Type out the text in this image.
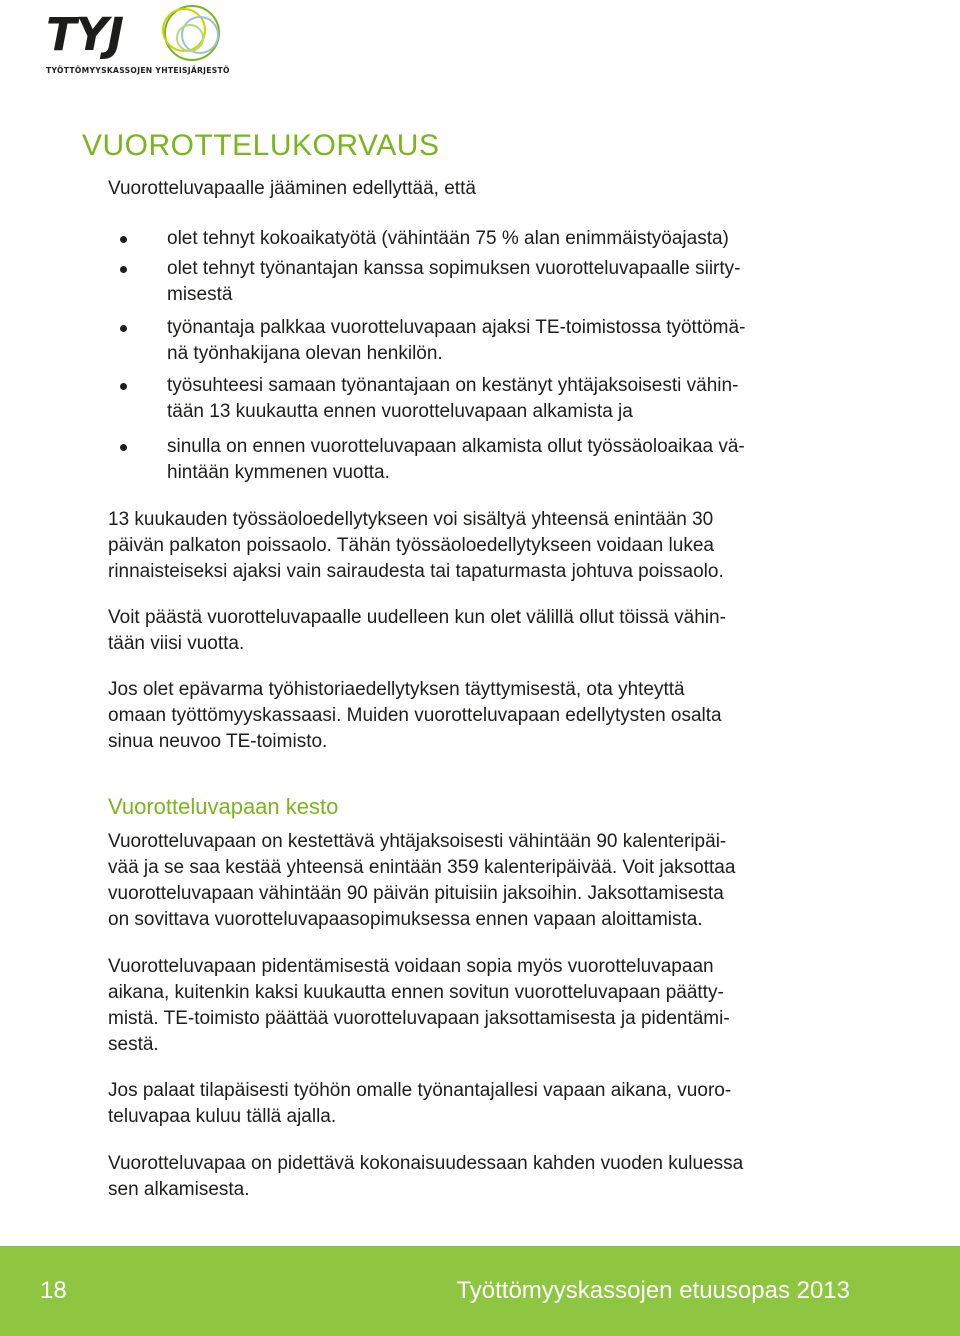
TYJ
TYÖTTÖMYYSKASSOJEN YHTEISJÄRJESTÖ
VUOROTTELUKORVAUS

Vuorotteluvapaalle jääminen edellyttää, että

olet tehnyt kokoaikatyötä (vähintään 75 % alan enimmäistyöajasta)

olet tehnyt työnantajan kanssa sopimuksen vuorotteluvapaalle siirty-
misestä

työnantaja palkkaa vuorotteluvapaan ajaksi TE-toimistossa työttömä-
nä työnhakijana olevan henkilön.

työsuhteesi samaan työnantajaan on kestänyt yhtäjaksoisesti vähin-
tään 13 kuukautta ennen vuorotteluvapaan alkamista ja

sinulla on ennen vuorotteluvapaan alkamista ollut työssäoloaikaa vä-
hintään kymmenen vuotta.

13 kuukauden työssäoloedellytykseen voi sisältyä yhteensä enintään 30
päivän palkaton poissaolo. Tähän työssäoloedellytykseen voidaan lukea
rinnaisteiseksi ajaksi vain sairaudesta tai tapaturmasta johtuva poissaolo.

Voit päästä vuorotteluvapaalle uudelleen kun olet välillä ollut töissä vähin-
tään viisi vuotta.

Jos olet epävarma työhistoriaedellytyksen täyttymisestä, ota yhteyttä
omaan työttömyyskassaasi. Muiden vuorotteluvapaan edellytysten osalta
sinua neuvoo TE-toimisto.

Vuorotteluvapaan kesto

Vuorotteluvapaan on kestettävä yhtäjaksoisesti vähintään 90 kalenteripäi-
vää ja se saa kestää yhteensä enintään 359 kalenteripäivää. Voit jaksottaa
vuorotteluvapaan vähintään 90 päivän pituisiin jaksoihin. Jaksottamisesta
on sovittava vuorotteluvapaasopimuksessa ennen vapaan aloittamista.

Vuorotteluvapaan pidentämisestä voidaan sopia myös vuorotteluvapaan
aikana, kuitenkin kaksi kuukautta ennen sovitun vuorotteluvapaan päätty-
mistä. TE-toimisto päättää vuorotteluvapaan jaksottamisesta ja pidentämi-
sestä.

Jos palaat tilapäisesti työhön omalle työnantajallesi vapaan aikana, vuoro-
teluvapaa kuluu tällä ajalla.

Vuorotteluvapaa on pidettävä kokonaisuudessaan kahden vuoden kuluessa
sen alkamisesta.

18	Työttömyyskassojen etuusopas 2013
